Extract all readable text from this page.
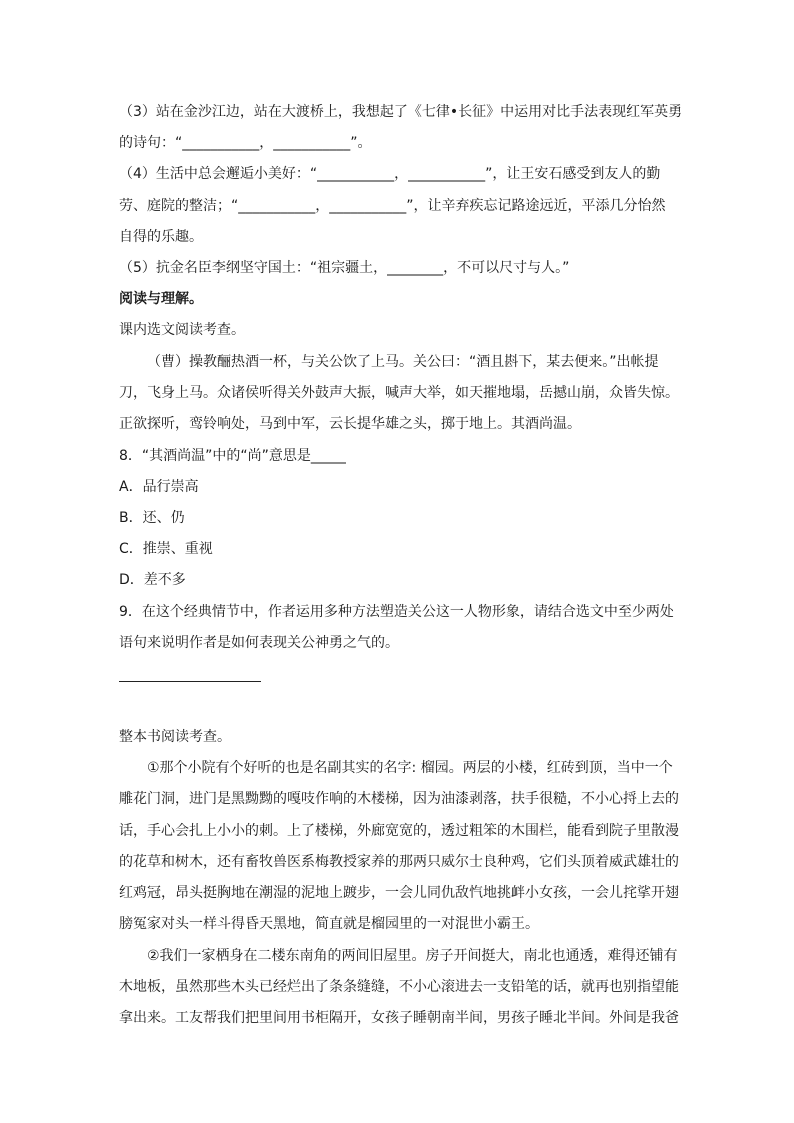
（3）站在金沙江边，站在大渡桥上，我想起了《七律•长征》中运用对比手法表现红军英勇
的诗句：“___________，___________”。
（4）生活中总会邂逅小美好：“___________，___________”，让王安石感受到友人的勤
劳、庭院的整洁；“___________，___________”，让辛弃疾忘记路途远近，平添几分怡然
自得的乐趣。
（5）抗金名臣李纲坚守国土：“祖宗疆土，________，不可以尺寸与人。”
阅读与理解。
课内选文阅读考查。
（曹）操教酾热酒一杯，与关公饮了上马。关公曰：“酒且斟下，某去便来。”出帐提
刀，飞身上马。众诸侯听得关外鼓声大振，喊声大举，如天摧地塌，岳撼山崩，众皆失惊。
正欲探听，鸾铃响处，马到中军，云长提华雄之头，掷于地上。其酒尚温。
8．“其酒尚温”中的“尚”意思是_____
A．品行崇高
B．还、仍
C．推崇、重视
D．差不多
9．在这个经典情节中，作者运用多种方法塑造关公这一人物形象，请结合选文中至少两处
语句来说明作者是如何表现关公神勇之气的。
整本书阅读考查。
①那个小院有个好听的也是名副其实的名字: 榴园。两层的小楼，红砖到顶，当中一个
雕花门洞，进门是黑黝黝的嘎吱作响的木楼梯，因为油漆剥落，扶手很糙，不小心捋上去的
话，手心会扎上小小的刺。上了楼梯，外廊宽宽的，透过粗笨的木围栏，能看到院子里散漫
的花草和树木，还有畜牧兽医系梅教授家养的那两只威尔士良种鸡，它们头顶着威武雄壮的
红鸡冠，昂头挺胸地在潮湿的泥地上踱步，一会儿同仇敌忾地挑衅小女孩，一会儿挓挲开翅
膀冤家对头一样斗得昏天黑地，简直就是榴园里的一对混世小霸王。
②我们一家栖身在二楼东南角的两间旧屋里。房子开间挺大，南北也通透，难得还铺有
木地板，虽然那些木头已经烂出了条条缝缝，不小心滚进去一支铅笔的话，就再也别指望能
拿出来。工友帮我们把里间用书柜隔开，女孩子睡朝南半间，男孩子睡北半间。外间是我爸
